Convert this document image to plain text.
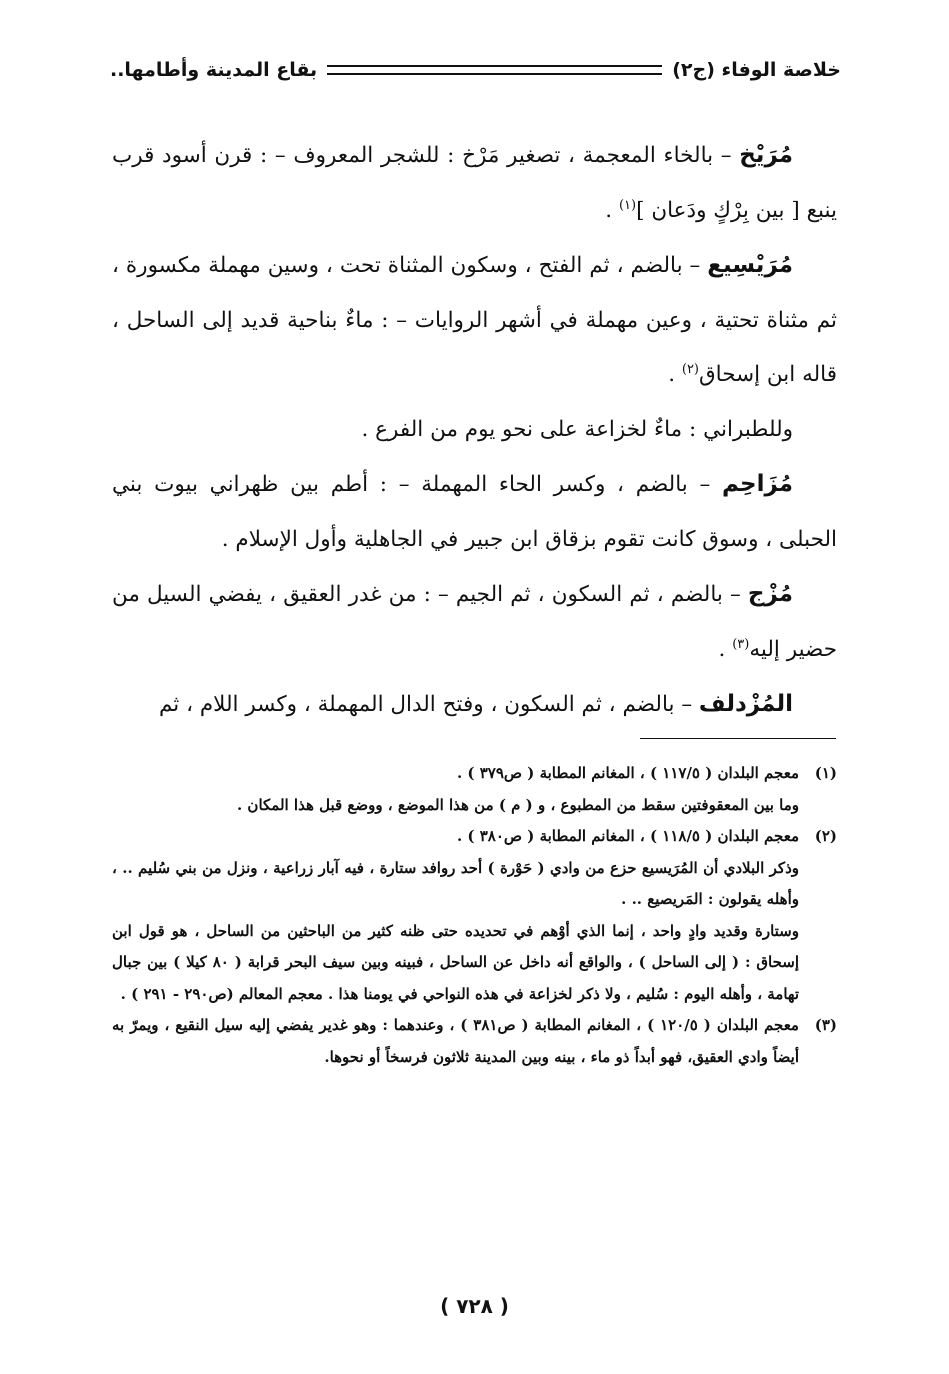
خلاصة الوفاء (ج٢)
بقاع المدينة وأطامها..

مُرَيْخ – بالخاء المعجمة ، تصغير مَرْخ : للشجر المعروف – : قرن أسود قرب ينبع [ بين بِرْكٍ ودَعان ]$^{(١)}$ .

مُرَيْسِيع – بالضم ، ثم الفتح ، وسكون المثناة تحت ، وسين مهملة مكسورة ، ثم مثناة تحتية ، وعين مهملة في أشهر الروايات – : ماءٌ بناحية قديد إلى الساحل ، قاله ابن إسحاق$^{(٢)}$ .

وللطبراني : ماءٌ لخزاعة على نحو يوم من الفرع .

مُزَاحِم – بالضم ، وكسر الحاء المهملة – : أطم بين ظهراني بيوت بني الحبلى ، وسوق كانت تقوم بزقاق ابن جبير في الجاهلية وأول الإسلام .

مُزْج – بالضم ، ثم السكون ، ثم الجيم – : من غدر العقيق ، يفضي السيل من حضير إليه$^{(٣)}$ .

المُزْدلف – بالضم ، ثم السكون ، وفتح الدال المهملة ، وكسر اللام ، ثم

(١)
معجم البلدان ( ١١٧/٥ ) ، المغانم المطابة ( ص٣٧٩ ) .
وما بين المعقوفتين سقط من المطبوع ، و ( م ) من هذا الموضع ، ووضع قبل هذا المكان .
(٢)
معجم البلدان ( ١١٨/٥ ) ، المغانم المطابة ( ص٣٨٠ ) .
وذكر البلادي أن المُرَيسيع حزع من وادي ( حَوْرة ) أحد روافد ستارة ، فيه آبار زراعية ، ونزل من بني سُليم .. ، وأهله يقولون : المَريصيع .. .
وستارة وقديد وادٍ واحد ، إنما الذي أوْهم في تحديده حتى ظنه كثير من الباحثين من الساحل ، هو قول ابن إسحاق : ( إلى الساحل ) ، والواقع أنه داخل عن الساحل ، فبينه وبين سيف البحر قرابة ( ٨٠ كيلا ) بين جبال تهامة ، وأهله اليوم : سُليم ، ولا ذكر لخزاعة في هذه النواحي في يومنا هذا . معجم المعالم (ص٢٩٠ - ٢٩١ ) .
(٣)
معجم البلدان ( ١٢٠/٥ ) ، المغانم المطابة ( ص٣٨١ ) ، وعندهما : وهو غدير يفضي إليه سيل النقيع ، ويمرّ به أيضاً وادي العقيق، فهو أبداً ذو ماء ، بينه وبين المدينة ثلاثون فرسخاً أو نحوها.
( ٧٢٨ )
